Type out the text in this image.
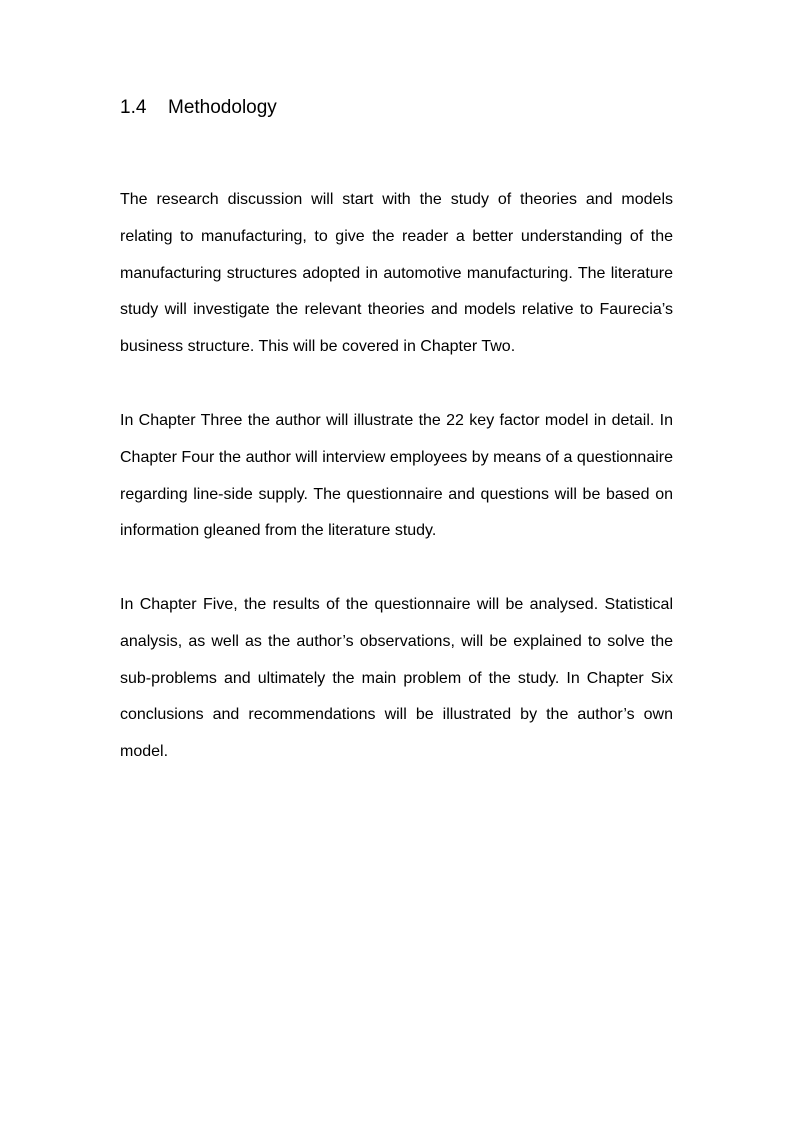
1.4 Methodology

The research discussion will start with the study of theories and models relating to manufacturing, to give the reader a better understanding of the manufacturing structures adopted in automotive manufacturing. The literature study will investigate the relevant theories and models relative to Faurecia’s business structure. This will be covered in Chapter Two.

In Chapter Three the author will illustrate the 22 key factor model in detail. In Chapter Four the author will interview employees by means of a questionnaire regarding line-side supply. The questionnaire and questions will be based on information gleaned from the literature study.

In Chapter Five, the results of the questionnaire will be analysed. Statistical analysis, as well as the author’s observations, will be explained to solve the sub-problems and ultimately the main problem of the study. In Chapter Six conclusions and recommendations will be illustrated by the author’s own model.
